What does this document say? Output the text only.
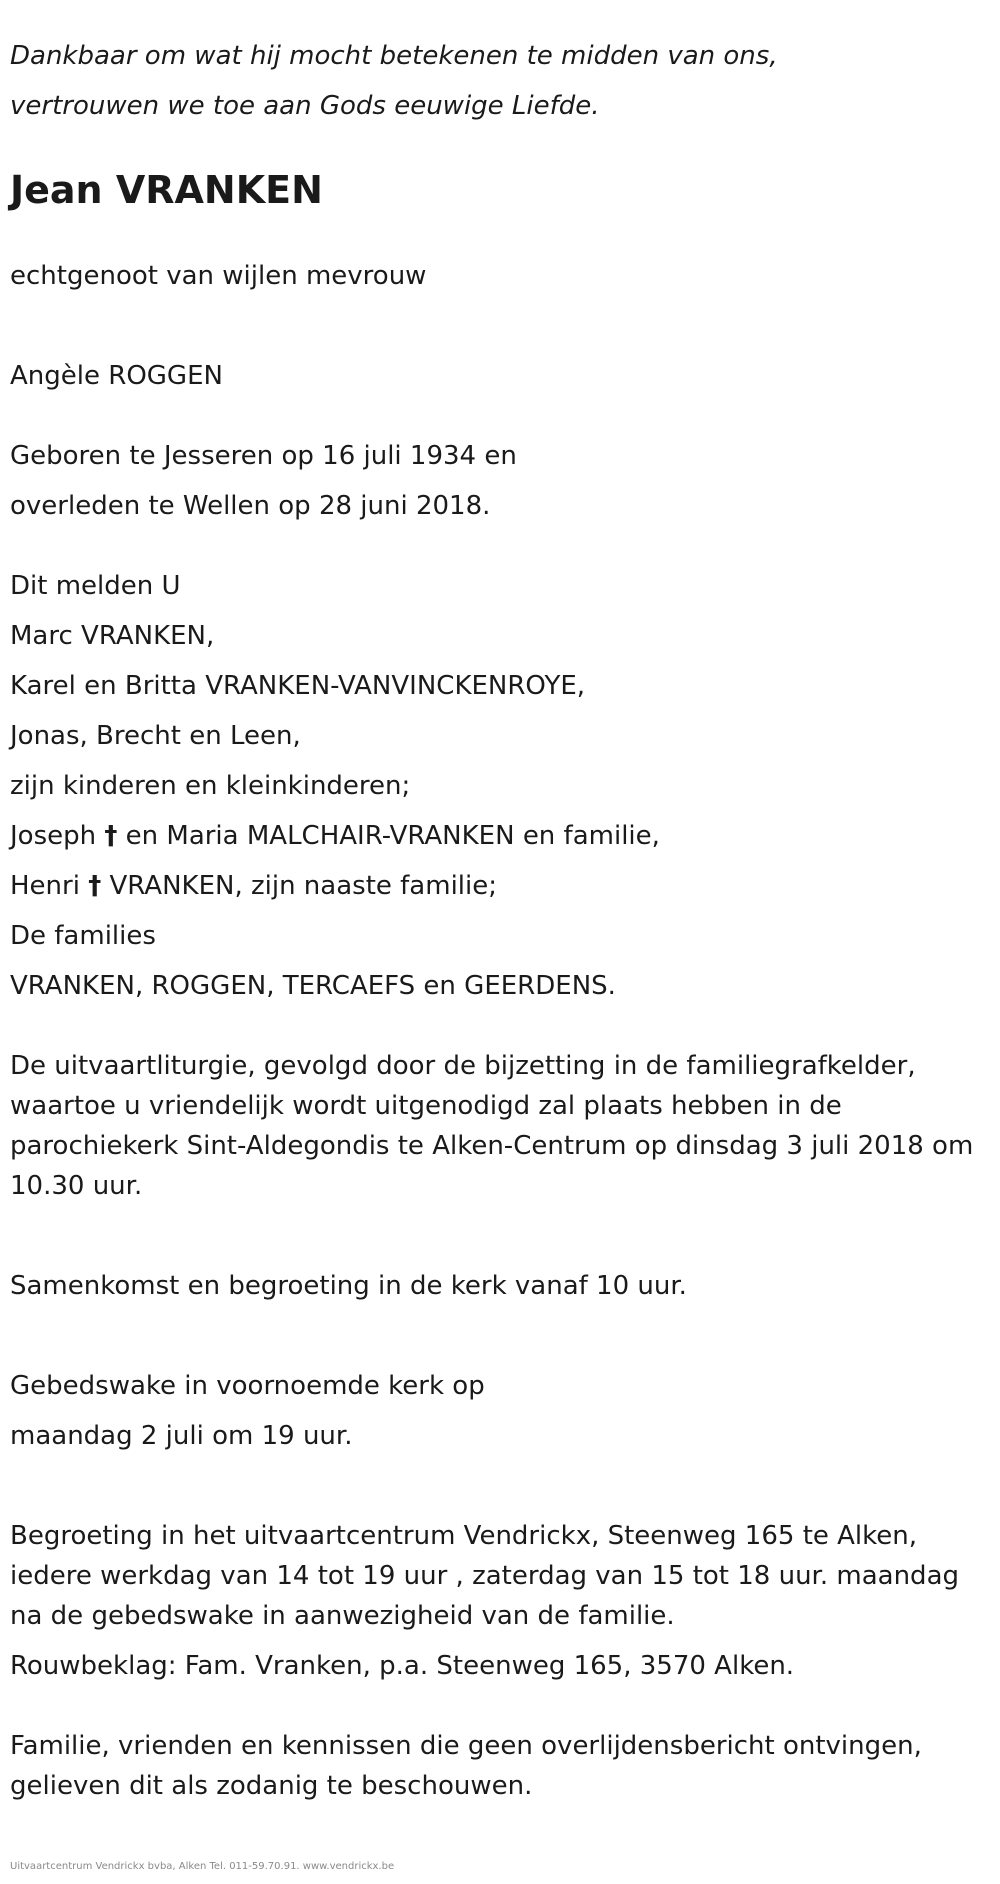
Dankbaar om wat hij mocht betekenen te midden van ons,
vertrouwen we toe aan Gods eeuwige Liefde.
Jean VRANKEN
echtgenoot van wijlen mevrouw
Angèle ROGGEN
Geboren te Jesseren op 16 juli 1934 en
overleden te Wellen op 28 juni 2018.
Dit melden U
Marc VRANKEN,
Karel en Britta VRANKEN-VANVINCKENROYE,
Jonas, Brecht en Leen,
zijn kinderen en kleinkinderen;
Joseph † en Maria MALCHAIR-VRANKEN en familie,
Henri † VRANKEN, zijn naaste familie;
De families
VRANKEN, ROGGEN, TERCAEFS en GEERDENS.
De uitvaartliturgie, gevolgd door de bijzetting in de familiegrafkelder, waartoe u vriendelijk wordt uitgenodigd zal plaats hebben in de parochiekerk Sint-Aldegondis te Alken-Centrum op dinsdag 3 juli 2018 om 10.30 uur.
Samenkomst en begroeting in de kerk vanaf 10 uur.
Gebedswake in voornoemde kerk op
maandag 2 juli om 19 uur.
Begroeting in het uitvaartcentrum Vendrickx, Steenweg 165 te Alken, iedere werkdag van 14 tot 19 uur , zaterdag van 15 tot 18 uur. maandag na de gebedswake in aanwezigheid van de familie.
Rouwbeklag: Fam. Vranken, p.a. Steenweg 165, 3570 Alken.
Familie, vrienden en kennissen die geen overlijdensbericht ontvingen, gelieven dit als zodanig te beschouwen.
Uitvaartcentrum Vendrickx bvba, Alken Tel. 011-59.70.91. www.vendrickx.be
